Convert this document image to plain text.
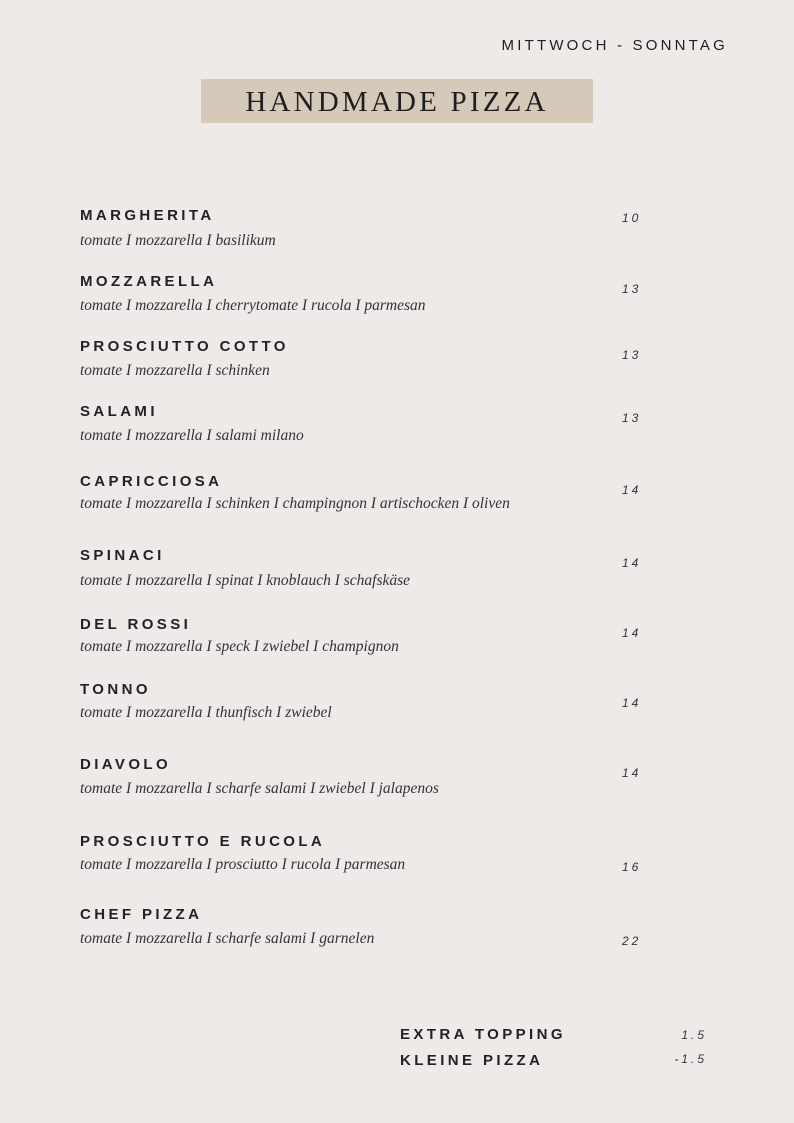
MITTWOCH - SONNTAG
HANDMADE PIZZA
MARGHERITA
tomate I mozzarella I basilikum
10
MOZZARELLA
tomate I mozzarella I cherrytomate I rucola I parmesan
13
PROSCIUTTO COTTO
tomate I mozzarella I schinken
13
SALAMI
tomate I mozzarella I salami milano
13
CAPRICCIOSA
tomate I mozzarella I schinken I champingnon I artischocken I oliven
14
SPINACI
tomate I mozzarella I spinat I knoblauch I schafskäse
14
DEL ROSSI
tomate I mozzarella I speck I zwiebel I champignon
14
TONNO
tomate I mozzarella I thunfisch I zwiebel
14
DIAVOLO
tomate I mozzarella I scharfe salami I zwiebel I jalapenos
14
PROSCIUTTO E RUCOLA
tomate I mozzarella I prosciutto I rucola I parmesan	16
CHEF PIZZA
tomate I mozzarella I scharfe salami I garnelen	22
EXTRA TOPPING	1.5
KLEINE PIZZA	-1.5
